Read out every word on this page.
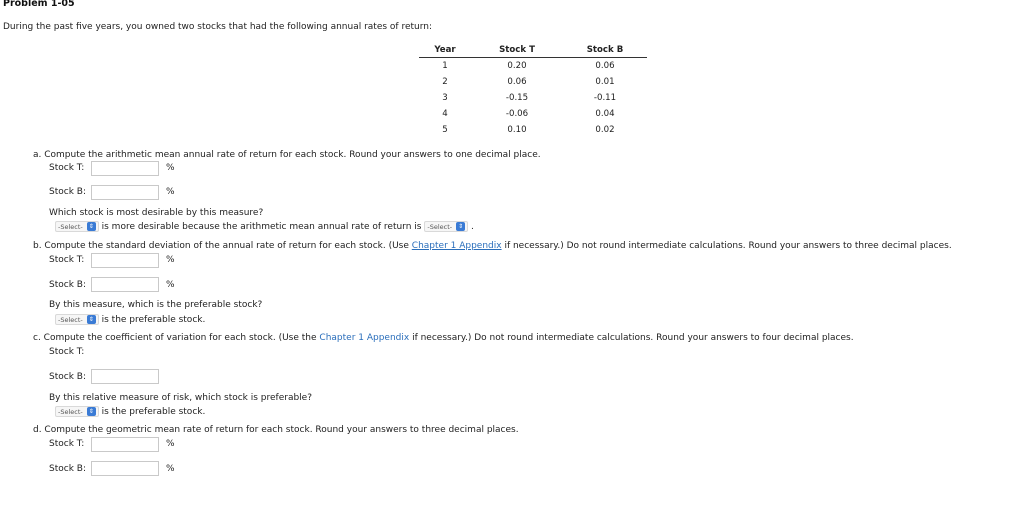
Problem 1-05
During the past five years, you owned two stocks that had the following annual rates of return:
Year	Stock T	Stock B
1	0.20	0.06
2	0.06	0.01
3	-0.15	-0.11
4	-0.06	0.04
5	0.10	0.02
a. Compute the arithmetic mean annual rate of return for each stock. Round your answers to one decimal place.
Stock T:	%
Stock B:	%
Which stock is most desirable by this measure?
-Select- ⇕ is more desirable because the arithmetic mean annual rate of return is -Select- ⇕ .
b. Compute the standard deviation of the annual rate of return for each stock. (Use Chapter 1 Appendix if necessary.) Do not round intermediate calculations. Round your answers to three decimal places.
Stock T:	%
Stock B:	%
By this measure, which is the preferable stock?
-Select- ⇕ is the preferable stock.
c. Compute the coefficient of variation for each stock. (Use the Chapter 1 Appendix if necessary.) Do not round intermediate calculations. Round your answers to four decimal places.
Stock T:
Stock B:
By this relative measure of risk, which stock is preferable?
-Select- ⇕ is the preferable stock.
d. Compute the geometric mean rate of return for each stock. Round your answers to three decimal places.
Stock T:	%
Stock B:	%
